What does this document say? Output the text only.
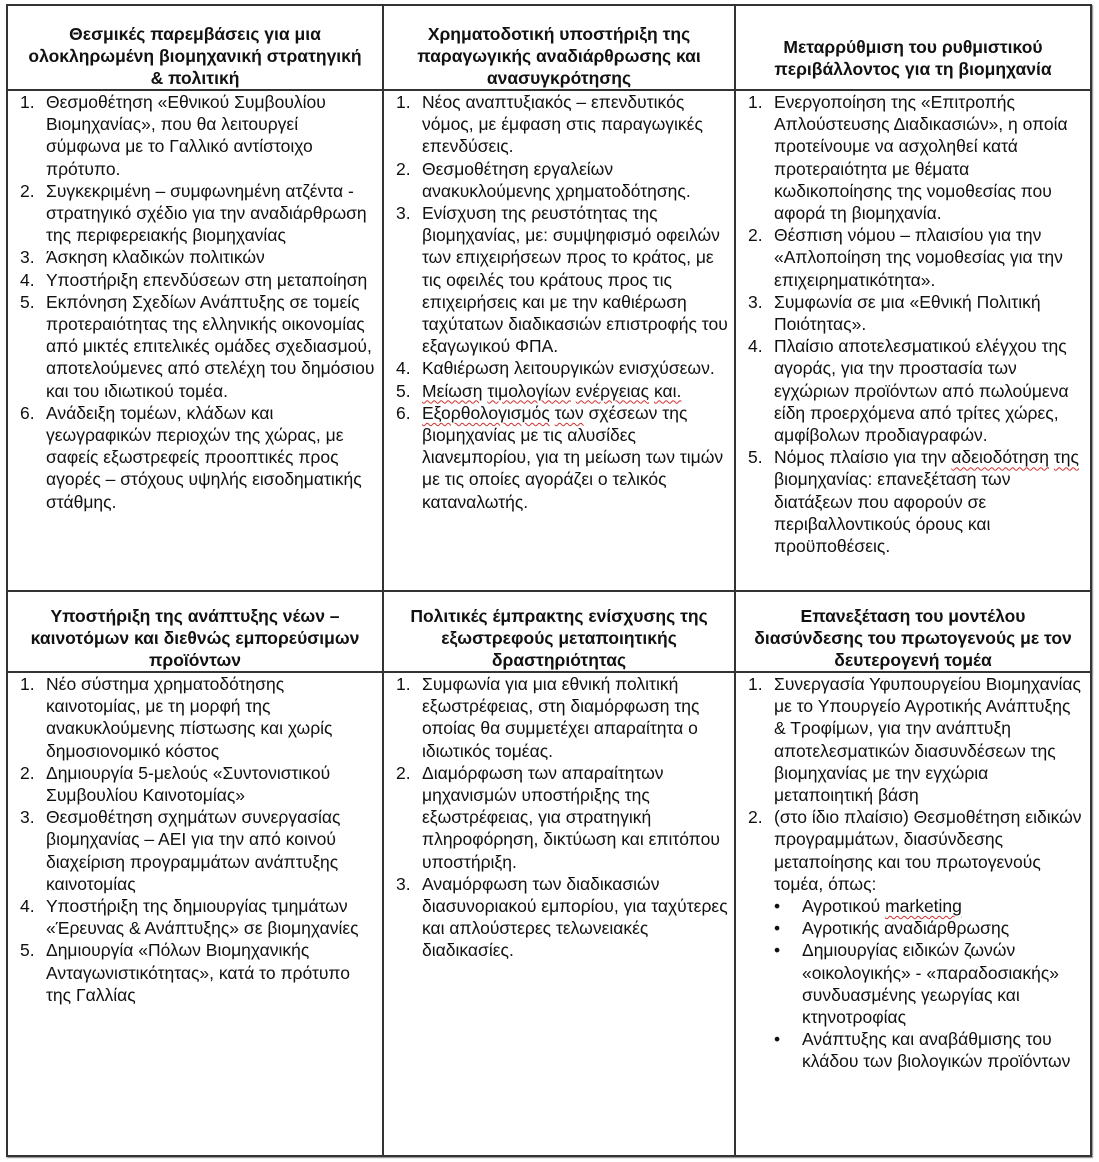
Θεσμικές παρεμβάσεις για μια ολοκληρωμένη βιομηχανική στρατηγική & πολιτική
1. Θεσμοθέτηση «Εθνικού Συμβουλίου Βιομηχανίας», που θα λειτουργεί σύμφωνα με το Γαλλικό αντίστοιχο πρότυπο.
2. Συγκεκριμένη – συμφωνημένη ατζέντα - στρατηγικό σχέδιο για την αναδιάρθρωση της περιφερειακής βιομηχανίας
3. Άσκηση κλαδικών πολιτικών
4. Υποστήριξη επενδύσεων στη μεταποίηση
5. Εκπόνηση Σχεδίων Ανάπτυξης σε τομείς προτεραιότητας της ελληνικής οικονομίας από μικτές επιτελικές ομάδες σχεδιασμού, αποτελούμενες από στελέχη του δημόσιου και του ιδιωτικού τομέα.
6. Ανάδειξη τομέων, κλάδων και γεωγραφικών περιοχών της χώρας, με σαφείς εξωστρεφείς προοπτικές προς αγορές – στόχους υψηλής εισοδηματικής στάθμης.
Χρηματοδοτική υποστήριξη της παραγωγικής αναδιάρθρωσης και ανασυγκρότησης
1. Νέος αναπτυξιακός – επενδυτικός νόμος, με έμφαση στις παραγωγικές επενδύσεις.
2. Θεσμοθέτηση εργαλείων ανακυκλούμενης χρηματοδότησης.
3. Ενίσχυση της ρευστότητας της βιομηχανίας, με: συμψηφισμό οφειλών των επιχειρήσεων προς το κράτος, με τις οφειλές του κράτους προς τις επιχειρήσεις και με την καθιέρωση ταχύτατων διαδικασιών επιστροφής του εξαγωγικού ΦΠΑ.
4. Καθιέρωση λειτουργικών ενισχύσεων.
5. Μείωση τιμολογίων ενέργειας και.
6. Εξορθολογισμός των σχέσεων της βιομηχανίας με τις αλυσίδες λιανεμπορίου, για τη μείωση των τιμών με τις οποίες αγοράζει ο τελικός καταναλωτής.
Μεταρρύθμιση του ρυθμιστικού περιβάλλοντος για τη βιομηχανία
1. Ενεργοποίηση της «Επιτροπής Απλούστευσης Διαδικασιών», η οποία προτείνουμε να ασχοληθεί κατά προτεραιότητα με θέματα κωδικοποίησης της νομοθεσίας που αφορά τη βιομηχανία.
2. Θέσπιση νόμου – πλαισίου για την «Απλοποίηση της νομοθεσίας για την επιχειρηματικότητα».
3. Συμφωνία σε μια «Εθνική Πολιτική Ποιότητας».
4. Πλαίσιο αποτελεσματικού ελέγχου της αγοράς, για την προστασία των εγχώριων προϊόντων από πωλούμενα είδη προερχόμενα από τρίτες χώρες, αμφίβολων προδιαγραφών.
5. Νόμος πλαίσιο για την αδειοδότηση της βιομηχανίας: επανεξέταση των διατάξεων που αφορούν σε περιβαλλοντικούς όρους και προϋποθέσεις.
Υποστήριξη της ανάπτυξης νέων – καινοτόμων και διεθνώς εμπορεύσιμων προϊόντων
1. Νέο σύστημα χρηματοδότησης καινοτομίας, με τη μορφή της ανακυκλούμενης πίστωσης και χωρίς δημοσιονομικό κόστος
2. Δημιουργία 5-μελούς «Συντονιστικού Συμβουλίου Καινοτομίας»
3. Θεσμοθέτηση σχημάτων συνεργασίας βιομηχανίας – ΑΕΙ για την από κοινού διαχείριση προγραμμάτων ανάπτυξης καινοτομίας
4. Υποστήριξη της δημιουργίας τμημάτων «Έρευνας & Ανάπτυξης» σε βιομηχανίες
5. Δημιουργία «Πόλων Βιομηχανικής Ανταγωνιστικότητας», κατά το πρότυπο της Γαλλίας
Πολιτικές έμπρακτης ενίσχυσης της εξωστρεφούς μεταποιητικής δραστηριότητας
1. Συμφωνία για μια εθνική πολιτική εξωστρέφειας, στη διαμόρφωση της οποίας θα συμμετέχει απαραίτητα ο ιδιωτικός τομέας.
2. Διαμόρφωση των απαραίτητων μηχανισμών υποστήριξης της εξωστρέφειας, για στρατηγική πληροφόρηση, δικτύωση και επιτόπου υποστήριξη.
3. Αναμόρφωση των διαδικασιών διασυνοριακού εμπορίου, για ταχύτερες και απλούστερες τελωνειακές διαδικασίες.
Επανεξέταση του μοντέλου διασύνδεσης του πρωτογενούς με τον δευτερογενή τομέα
1. Συνεργασία Υφυπουργείου Βιομηχανίας με το Υπουργείο Αγροτικής Ανάπτυξης & Τροφίμων, για την ανάπτυξη αποτελεσματικών διασυνδέσεων της βιομηχανίας με την εγχώρια μεταποιητική βάση
2. (στο ίδιο πλαίσιο) Θεσμοθέτηση ειδικών προγραμμάτων, διασύνδεσης μεταποίησης και του πρωτογενούς τομέα, όπως:
• Αγροτικού marketing
• Αγροτικής αναδιάρθρωσης
• Δημιουργίας ειδικών ζωνών «οικολογικής» - «παραδοσιακής» συνδυασμένης γεωργίας και κτηνοτροφίας
• Ανάπτυξης και αναβάθμισης του κλάδου των βιολογικών προϊόντων
